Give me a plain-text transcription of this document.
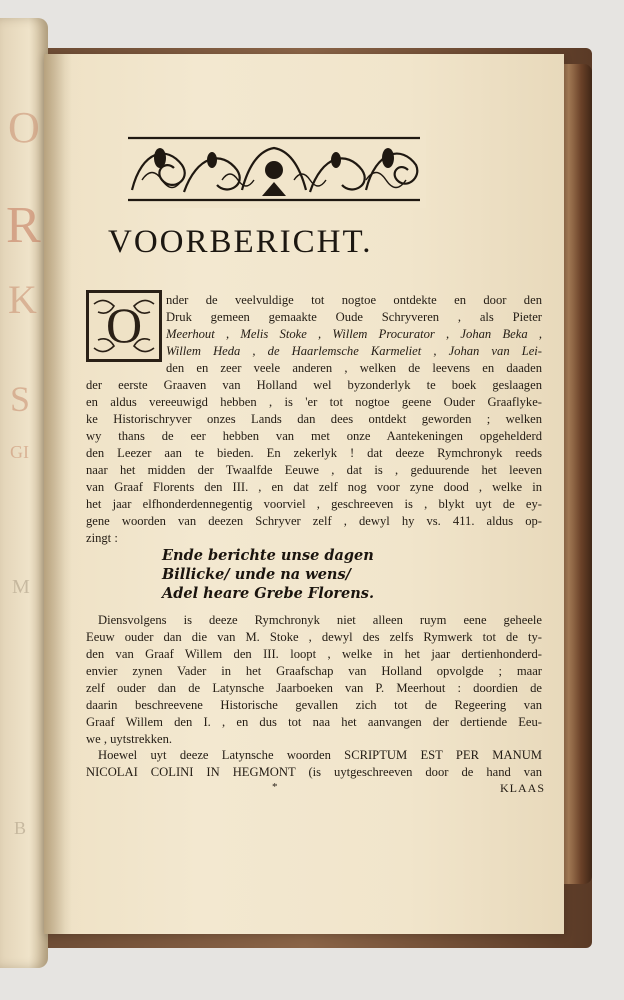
O
R
K
S
GI
M
B
VOORBERICHT.
O	nder de veelvuldige tot nogtoe ontdekte en door den
Druk gemeen gemaakte Oude Schryveren , als Pieter
Meerhout , Melis Stoke , Willem Procurator , Johan Beka ,
Willem Heda , de Haarlemsche Karmeliet , Johan van Lei-
den en zeer veele anderen , welken de leevens en daaden
der eerste Graaven van Holland wel byzonderlyk te boek geslaagen
en aldus vereeuwigd hebben , is 'er tot nogtoe geene Ouder Graaflyke-
ke Historischryver onzes Lands dan dees ontdekt geworden ; welken
wy thans de eer hebben van met onze Aantekeningen opgehelderd
den Leezer aan te bieden. En zekerlyk ! dat deeze Rymchronyk reeds
naar het midden der Twaalfde Eeuwe , dat is , geduurende het leeven
van Graaf Florents den III. , en dat zelf nog voor zyne dood , welke in
het jaar elfhonderdennegentig voorviel , geschreeven is , blykt uyt de ey-
gene woorden van deezen Schryver zelf , dewyl hy vs. 411. aldus op-
zingt :
Ende berichte unse dagen
Billicke/ unde na wens/
Adel heare Grebe Florens.
Diensvolgens is deeze Rymchronyk niet alleen ruym eene geheele
Eeuw ouder dan die van M. Stoke , dewyl des zelfs Rymwerk tot de ty-
den van Graaf Willem den III. loopt , welke in het jaar dertienhonderd-
envier zynen Vader in het Graafschap van Holland opvolgde ; maar
zelf ouder dan de Latynsche Jaarboeken van P. Meerhout : doordien de
daarin beschreevene Historische gevallen zich tot de Regeering van
Graaf Willem den I. , en dus tot naa het aanvangen der dertiende Eeu-
we , uytstrekken.
Hoewel uyt deeze Latynsche woorden SCRIPTUM EST PER MANUM
NICOLAI COLINI IN HEGMONT (is uytgeschreeven door de hand van
*	KLAAS
